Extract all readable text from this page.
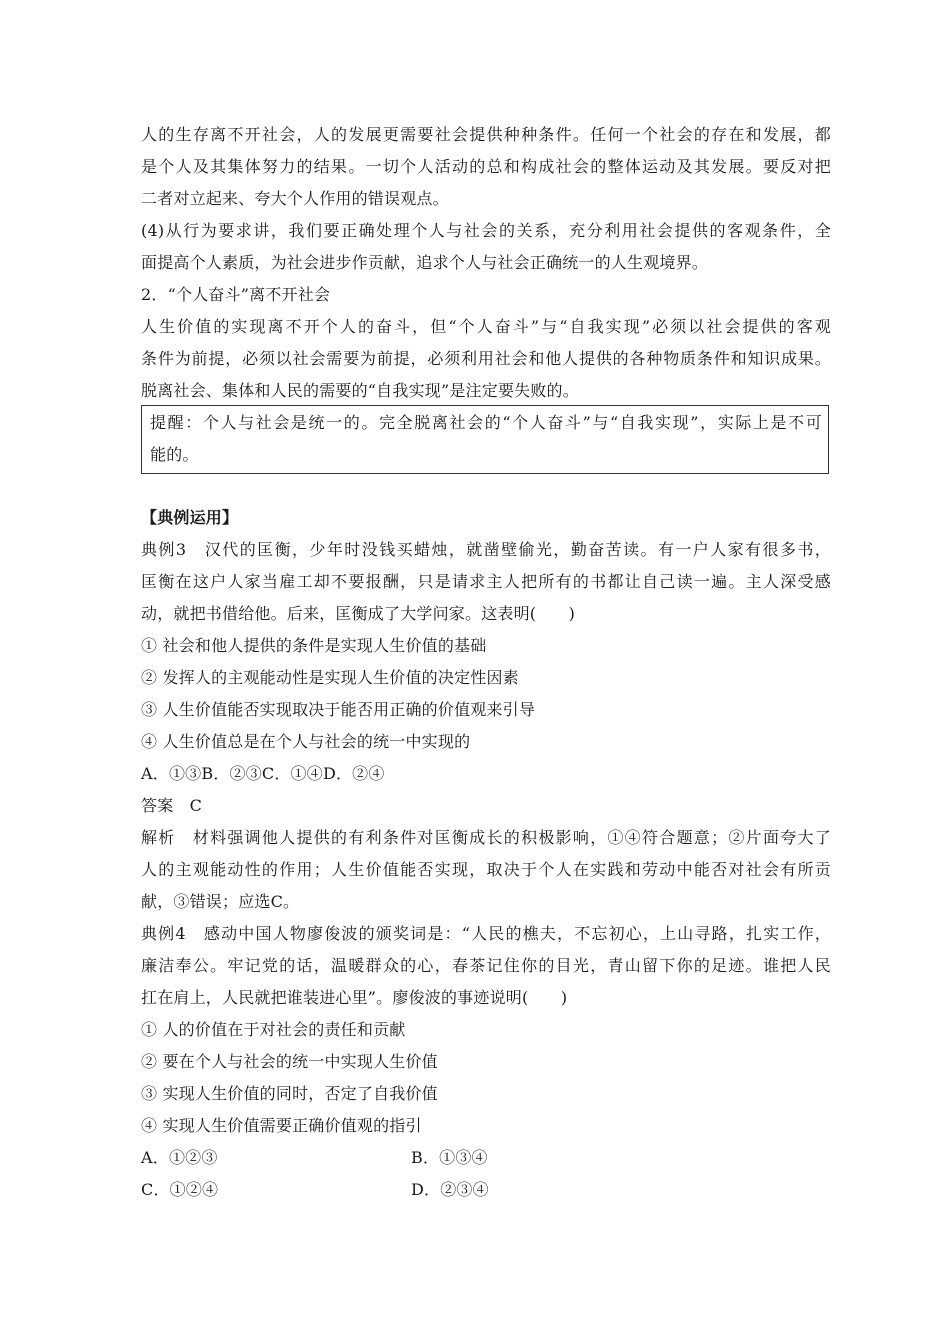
人的生存离不开社会，人的发展更需要社会提供种种条件。任何一个社会的存在和发展，都
是个人及其集体努力的结果。一切个人活动的总和构成社会的整体运动及其发展。要反对把
二者对立起来、夸大个人作用的错误观点。
(4)从行为要求讲，我们要正确处理个人与社会的关系，充分利用社会提供的客观条件，全
面提高个人素质，为社会进步作贡献，追求个人与社会正确统一的人生观境界。
2．“个人奋斗”离不开社会
人生价值的实现离不开个人的奋斗，但“个人奋斗”与“自我实现”必须以社会提供的客观
条件为前提，必须以社会需要为前提，必须利用社会和他人提供的各种物质条件和知识成果。
脱离社会、集体和人民的需要的“自我实现”是注定要失败的。
提醒：个人与社会是统一的。完全脱离社会的“个人奋斗”与“自我实现”，实际上是不可
能的。
【典例运用】
典例3　汉代的匡衡，少年时没钱买蜡烛，就凿壁偷光，勤奋苦读。有一户人家有很多书，
匡衡在这户人家当雇工却不要报酬，只是请求主人把所有的书都让自己读一遍。主人深受感
动，就把书借给他。后来，匡衡成了大学问家。这表明(　　)
① 社会和他人提供的条件是实现人生价值的基础
② 发挥人的主观能动性是实现人生价值的决定性因素
③ 人生价值能否实现取决于能否用正确的价值观来引导
④ 人生价值总是在个人与社会的统一中实现的
A．①③B．②③C．①④D．②④
答案　C
解析　材料强调他人提供的有利条件对匡衡成长的积极影响，①④符合题意；②片面夸大了
人的主观能动性的作用；人生价值能否实现，取决于个人在实践和劳动中能否对社会有所贡
献，③错误；应选C。
典例4　感动中国人物廖俊波的颁奖词是：“人民的樵夫，不忘初心，上山寻路，扎实工作，
廉洁奉公。牢记党的话，温暖群众的心，春茶记住你的目光，青山留下你的足迹。谁把人民
扛在肩上，人民就把谁装进心里”。廖俊波的事迹说明(　　)
① 人的价值在于对社会的责任和贡献
② 要在个人与社会的统一中实现人生价值
③ 实现人生价值的同时，否定了自我价值
④ 实现人生价值需要正确价值观的指引
A．①②③	B．①③④
C．①②④	D．②③④
